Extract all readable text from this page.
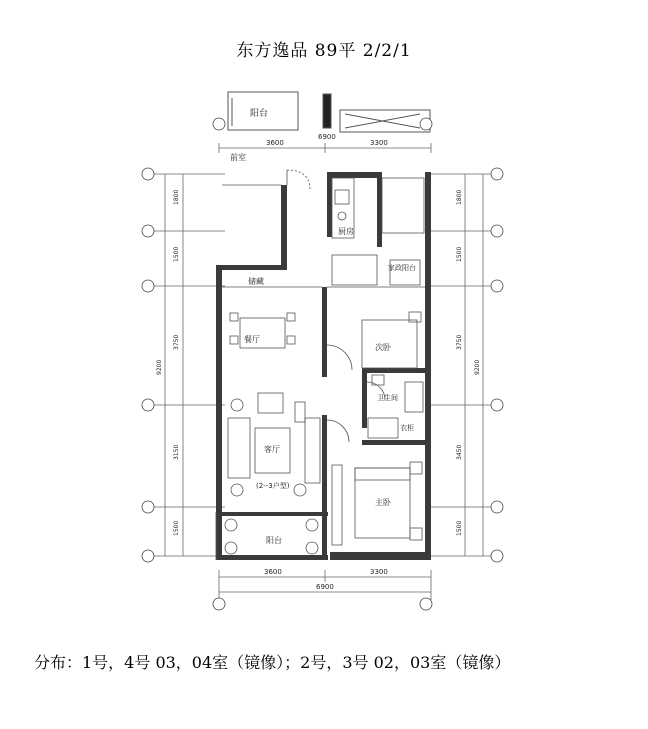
东方逸品 89平 2/2/1
阳台
6900
3600	3300
1800
1500
3750
3150
1500
9200
1800
1500
3750
3450
1500
9200
3600	3300
6900
前室
厨房
储藏
家政阳台
餐厅
次卧
卫生间
衣柜
客厅
(2--3户型)
主卧
阳台
分布：1号，4号 03，04室（镜像）；2号，3号 02，03室（镜像）
